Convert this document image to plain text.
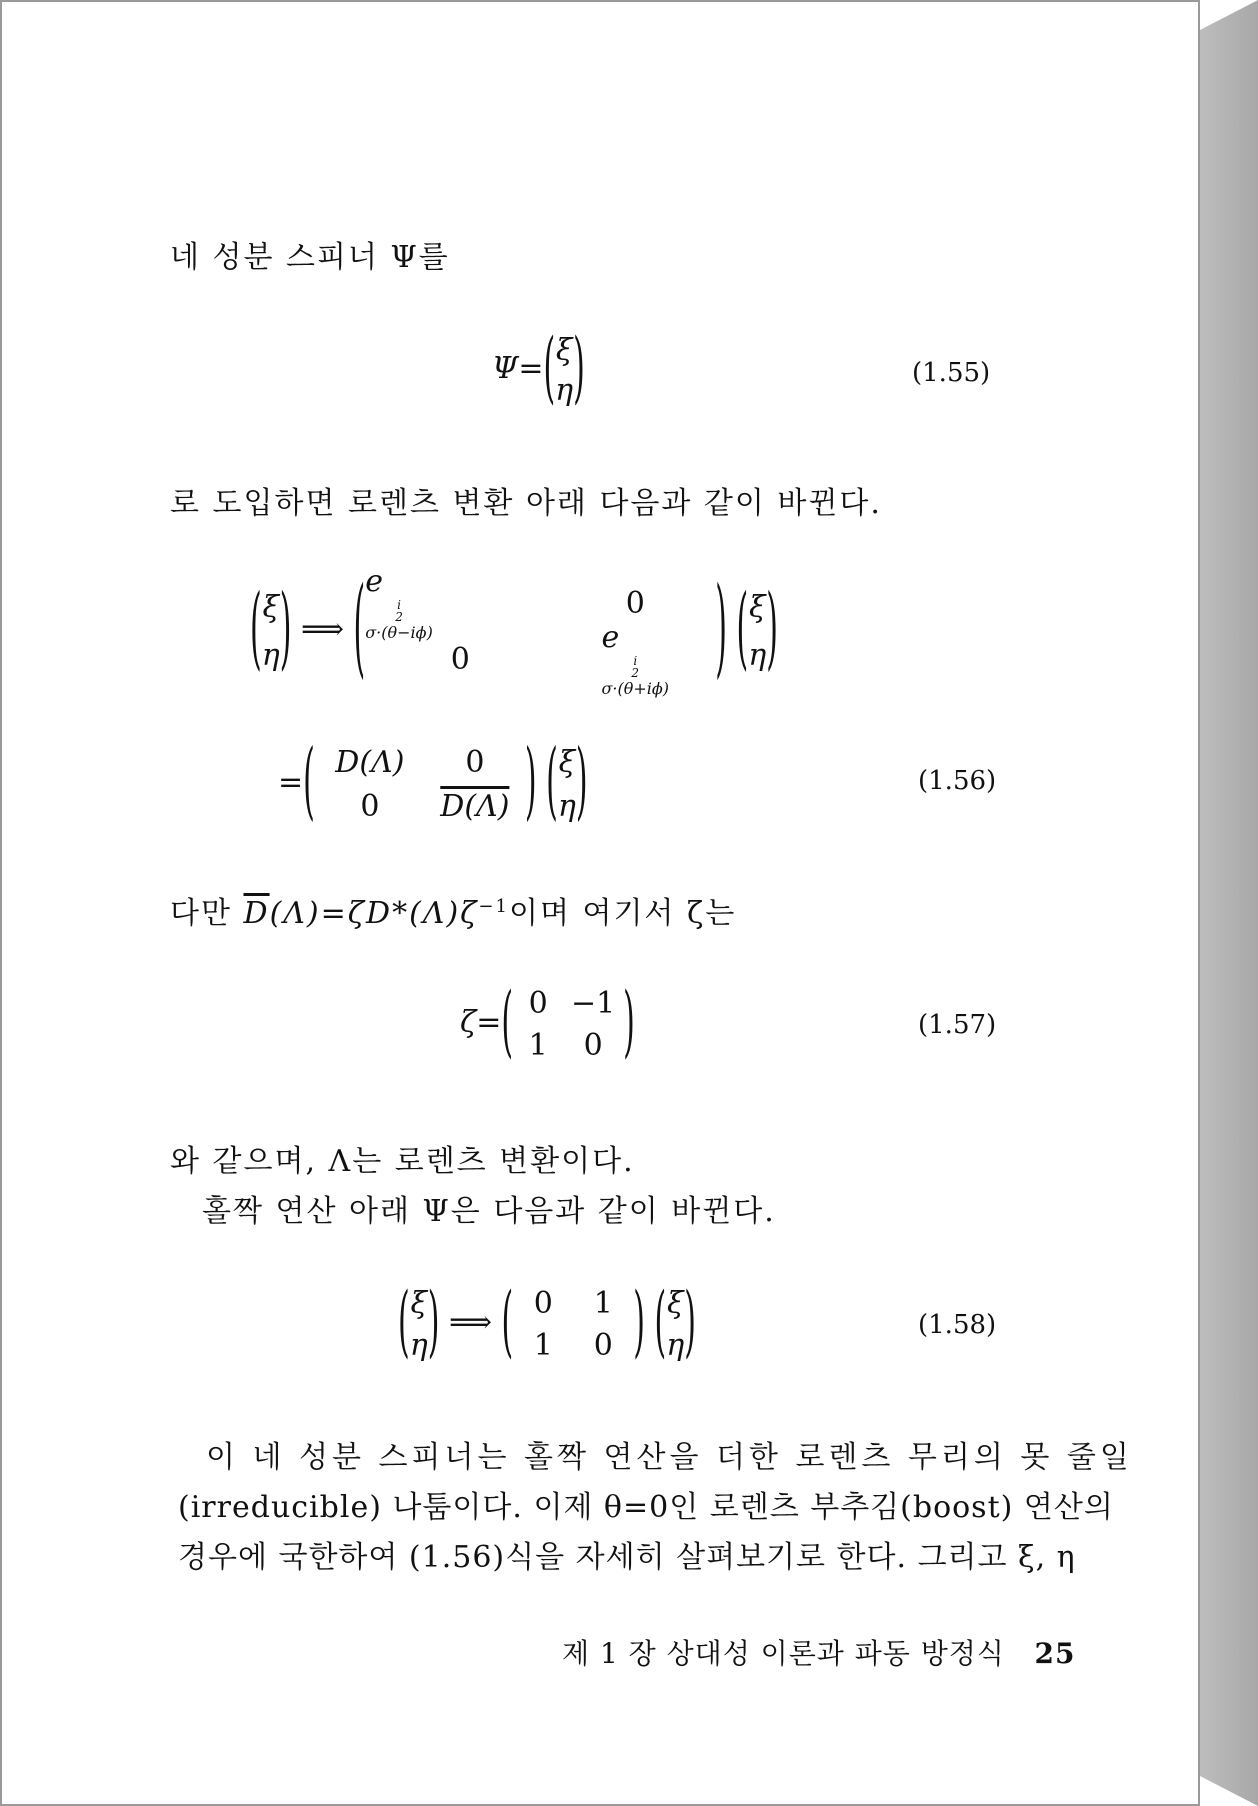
네 성분 스피너 Ψ를
Ψ= ( ξ
η )	(1.55)
로 도입하면 로렌츠 변환 아래 다음과 같이 바뀐다.
( ξ
η ) ⟹ ( e
i
2
σ·(θ−iϕ)
0
0
e
i
2
σ·(θ+iϕ) )
( ξ
η )
= ( D(Λ) 0
0 D(Λ) )
( ξ
η )	(1.56)
다만 $\overline{D}(\Lambda)=\zeta D*(\Lambda)\zeta^{-1}$이며 여기서 ζ는
ζ= ( 0 −1
1 0 )	(1.57)
와 같으며, Λ는 로렌츠 변환이다.
홀짝 연산 아래 Ψ은 다음과 같이 바뀐다.
( ξ
η ) ⟹ ( 0 1
1 0 )
( ξ
η )	(1.58)
이 네 성분 스피너는 홀짝 연산을 더한 로렌츠 무리의 못 줄일
(irreducible) 나툼이다. 이제 θ=0인 로렌츠 부추김(boost) 연산의
경우에 국한하여 (1.56)식을 자세히 살펴보기로 한다. 그리고 ξ, η
제 1 장 상대성 이론과 파동 방정식 25
